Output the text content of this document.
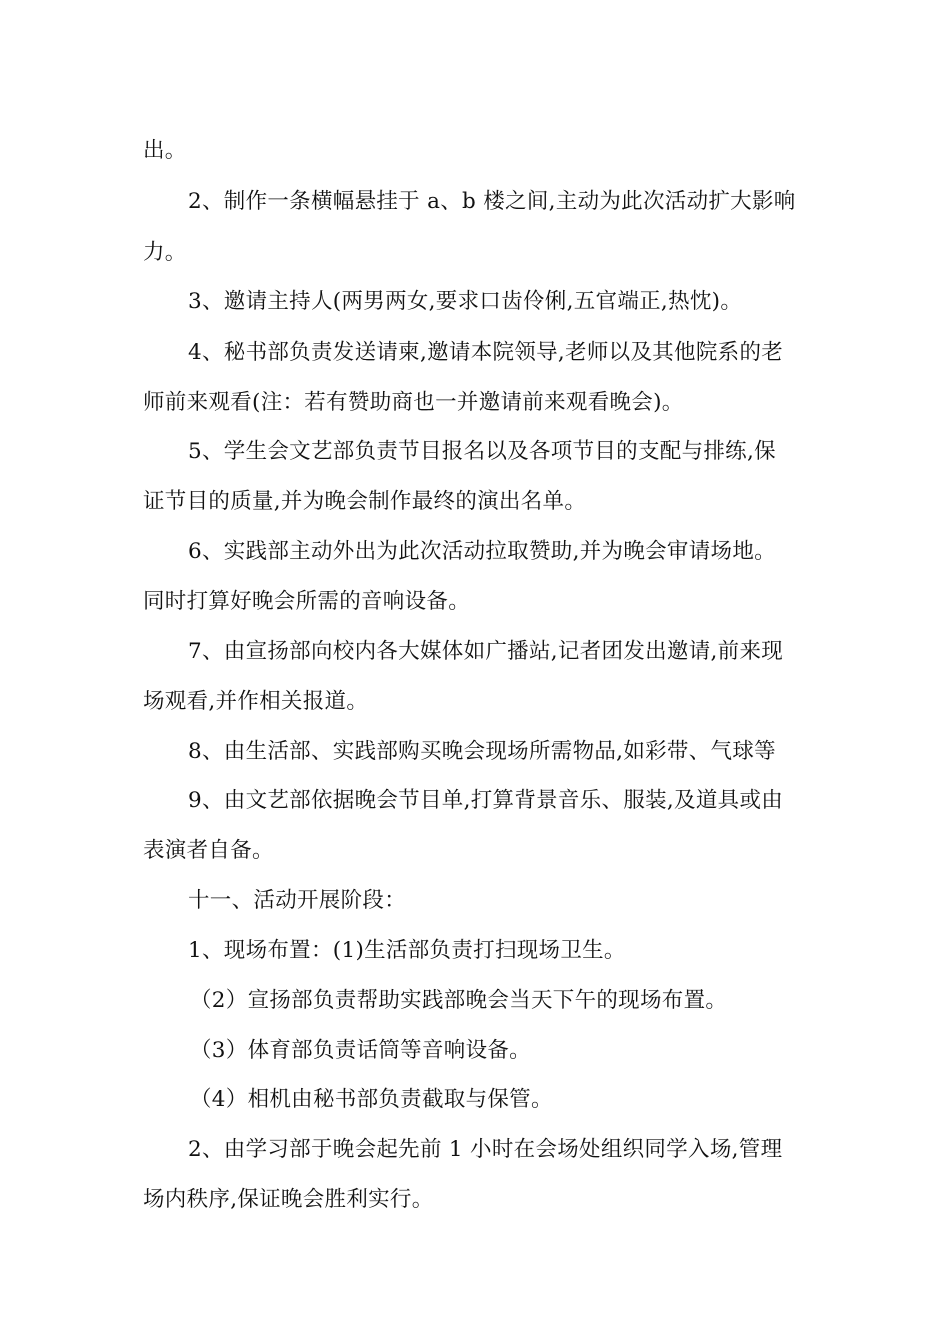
出。
2、制作一条横幅悬挂于 a、b 楼之间,主动为此次活动扩大影响
力。
3、邀请主持人(两男两女,要求口齿伶俐,五官端正,热忱)。
4、秘书部负责发送请柬,邀请本院领导,老师以及其他院系的老
师前来观看(注：若有赞助商也一并邀请前来观看晚会)。
5、学生会文艺部负责节目报名以及各项节目的支配与排练,保
证节目的质量,并为晚会制作最终的演出名单。
6、实践部主动外出为此次活动拉取赞助,并为晚会审请场地。
同时打算好晚会所需的音响设备。
7、由宣扬部向校内各大媒体如广播站,记者团发出邀请,前来现
场观看,并作相关报道。
8、由生活部、实践部购买晚会现场所需物品,如彩带、气球等
9、由文艺部依据晚会节目单,打算背景音乐、服装,及道具或由
表演者自备。
十一、活动开展阶段：
1、现场布置：(1)生活部负责打扫现场卫生。
（2）宣扬部负责帮助实践部晚会当天下午的现场布置。
（3）体育部负责话筒等音响设备。
（4）相机由秘书部负责截取与保管。
2、由学习部于晚会起先前 1 小时在会场处组织同学入场,管理
场内秩序,保证晚会胜利实行。
